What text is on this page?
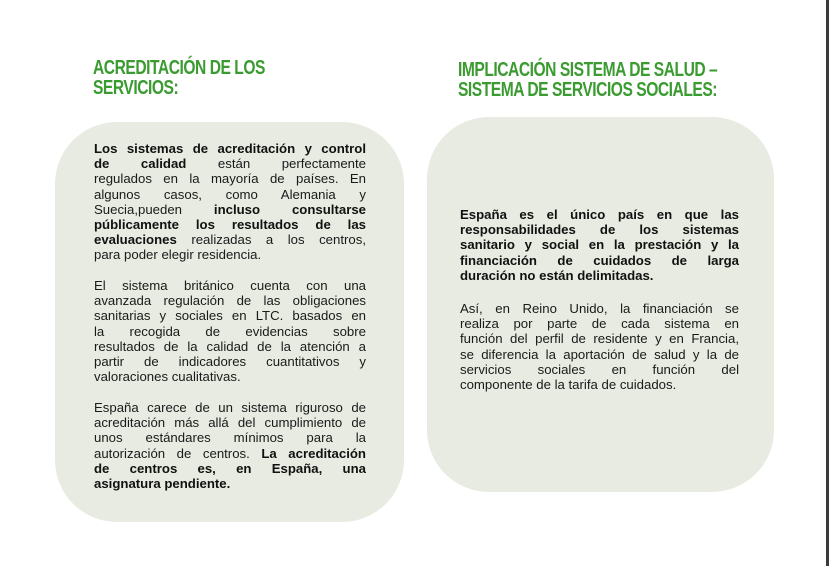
ACREDITACIÓN DE LOS
SERVICIOS:
IMPLICACIÓN SISTEMA DE SALUD –
SISTEMA DE SERVICIOS SOCIALES:

Los sistemas de acreditación y control
de calidad están perfectamente
regulados en la mayoría de países. En
algunos casos, como Alemania y
Suecia,pueden incluso consultarse
públicamente los resultados de las
evaluaciones realizadas a los centros,
para poder elegir residencia.

El sistema británico cuenta con una
avanzada regulación de las obligaciones
sanitarias y sociales en LTC. basados en
la recogida de evidencias sobre
resultados de la calidad de la atención a
partir de indicadores cuantitativos y
valoraciones cualitativas.

España carece de un sistema riguroso de
acreditación más allá del cumplimiento de
unos estándares mínimos para la
autorización de centros. La acreditación
de centros es, en España, una
asignatura pendiente.

España es el único país en que las
responsabilidades de los sistemas
sanitario y social en la prestación y la
financiación de cuidados de larga
duración no están delimitadas.

Así, en Reino Unido, la financiación se
realiza por parte de cada sistema en
función del perfil de residente y en Francia,
se diferencia la aportación de salud y la de
servicios sociales en función del
componente de la tarifa de cuidados.
